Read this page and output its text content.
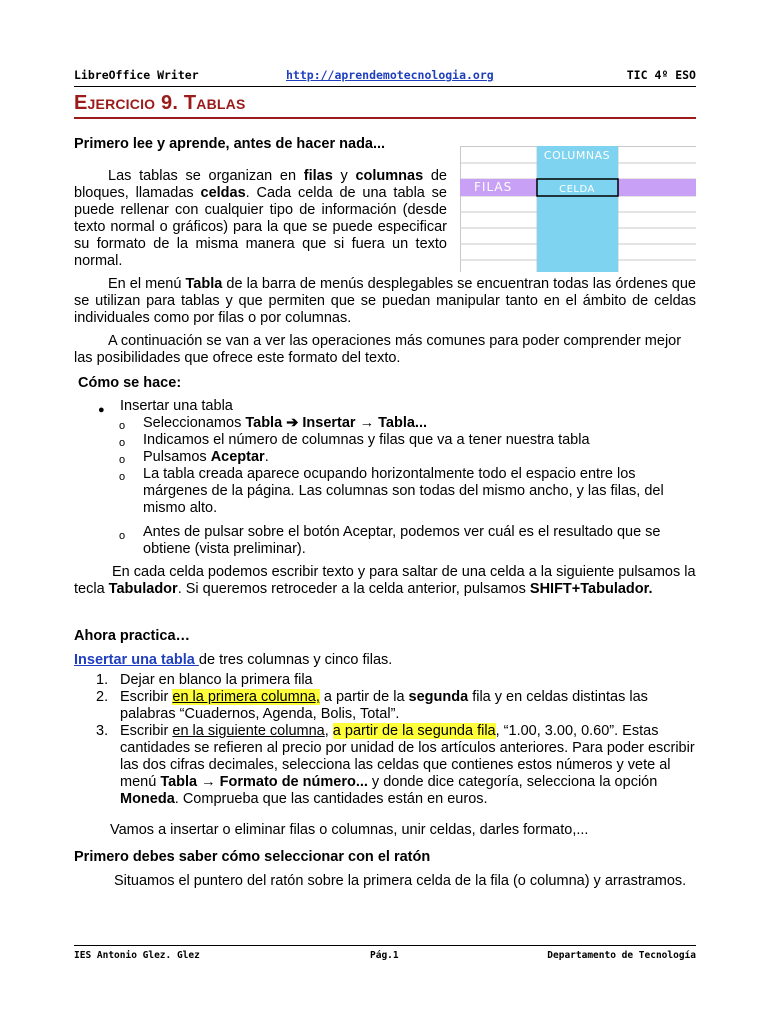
LibreOffice Writer	http://aprendemotecnologia.org	TIC 4º ESO
Ejercicio 9. Tablas
Primero lee y aprende, antes de hacer nada...
COLUMNAS
FILAS	CELDA
Las tablas se organizan en filas y columnas de bloques, llamadas celdas. Cada celda de una tabla se puede rellenar con cualquier tipo de información (desde texto normal o gráficos) para la que se puede especificar su formato de la misma manera que si fuera un texto normal.
En el menú Tabla de la barra de menús desplegables se encuentran todas las órdenes que se utilizan para tablas y que permiten que se puedan manipular tanto en el ámbito de celdas individuales como por filas o por columnas.
A continuación se van a ver las operaciones más comunes para poder comprender mejor las posibilidades que ofrece este formato del texto.
Cómo se hace:
● Insertar una tabla
o Seleccionamos Tabla ➔ Insertar → Tabla...
o Indicamos el número de columnas y filas que va a tener nuestra tabla
o Pulsamos Aceptar.
o La tabla creada aparece ocupando horizontalmente todo el espacio entre los márgenes de la página. Las columnas son todas del mismo ancho, y las filas, del mismo alto.
o Antes de pulsar sobre el botón Aceptar, podemos ver cuál es el resultado que se obtiene (vista preliminar).
En cada celda podemos escribir texto y para saltar de una celda a la siguiente pulsamos la tecla Tabulador. Si queremos retroceder a la celda anterior, pulsamos SHIFT+Tabulador.
Ahora practica…
Insertar una tabla de tres columnas y cinco filas.
1. Dejar en blanco la primera fila
2. Escribir en la primera columna, a partir de la segunda fila y en celdas distintas las palabras “Cuadernos, Agenda, Bolis, Total”.
3. Escribir en la siguiente columna, a partir de la segunda fila, “1.00, 3.00, 0.60”. Estas cantidades se refieren al precio por unidad de los artículos anteriores. Para poder escribir las dos cifras decimales, selecciona las celdas que contienes estos números y vete al menú Tabla → Formato de número... y donde dice categoría, selecciona la opción Moneda. Comprueba que las cantidades están en euros.
Vamos a insertar o eliminar filas o columnas, unir celdas, darles formato,...
Primero debes saber cómo seleccionar con el ratón
Situamos el puntero del ratón sobre la primera celda de la fila (o columna) y arrastramos.
IES Antonio Glez. Glez	Pág.1	Departamento de Tecnología
